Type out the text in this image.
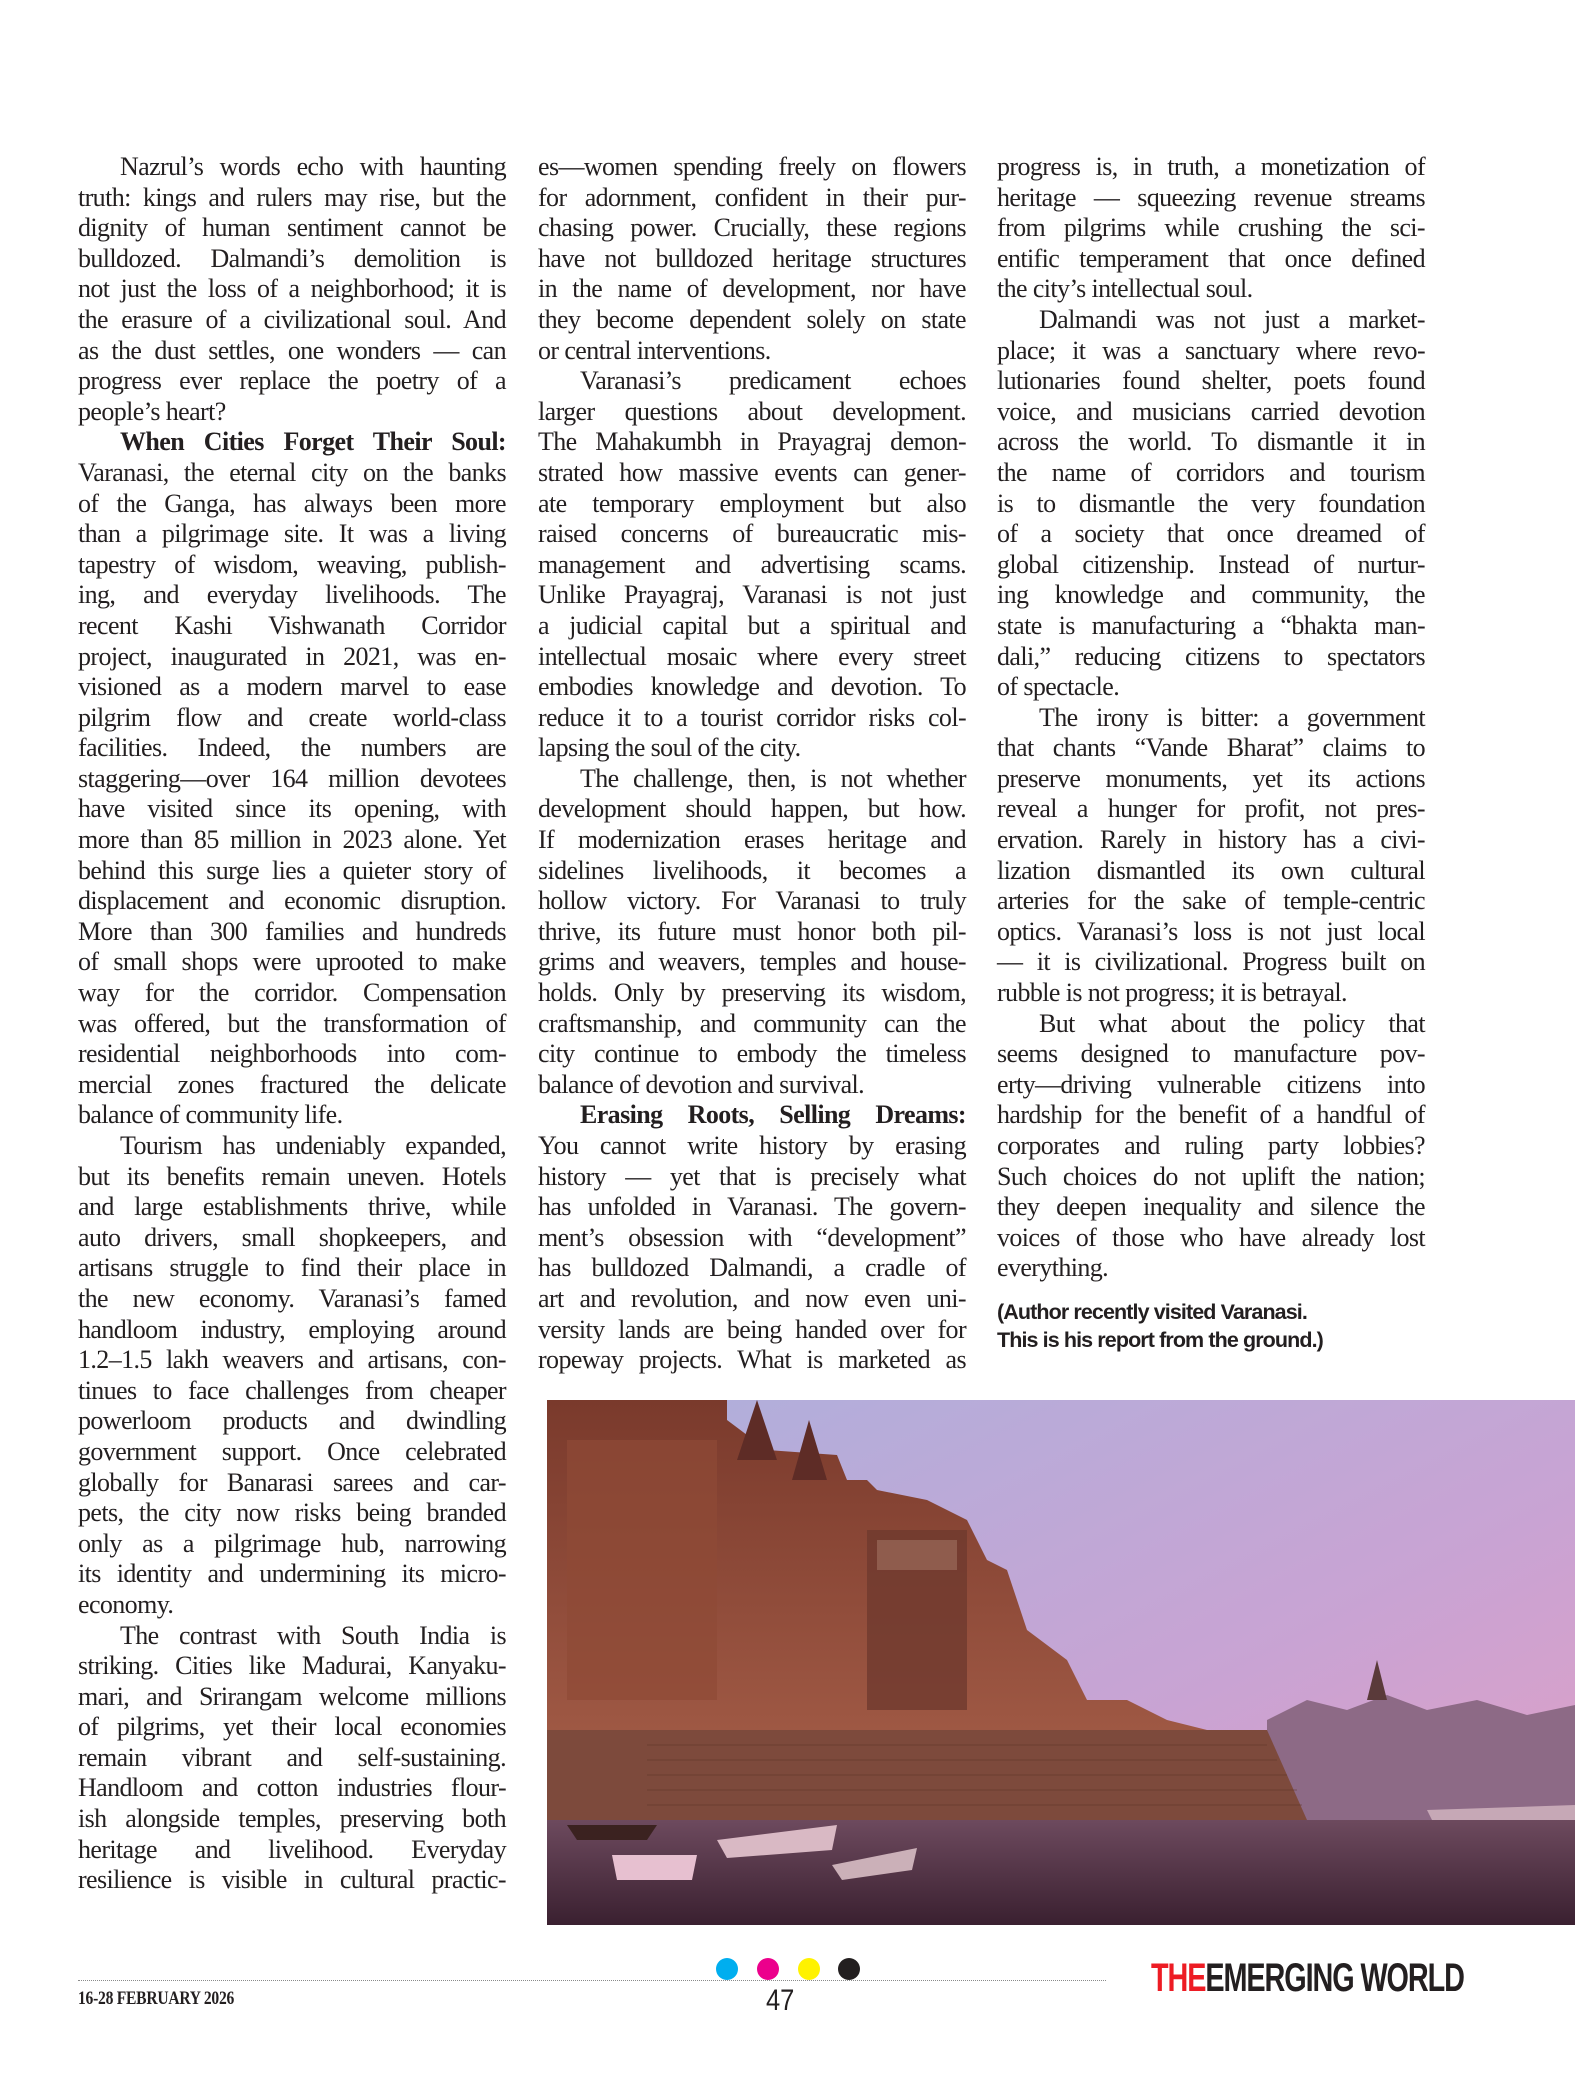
Nazrul’s words echo with haunting
truth: kings and rulers may rise, but the
dignity of human sentiment cannot be
bulldozed. Dalmandi’s demolition is
not just the loss of a neighborhood; it is
the erasure of a civilizational soul. And
as the dust settles, one wonders — can
progress ever replace the poetry of a
people’s heart?
When Cities Forget Their Soul:
Varanasi, the eternal city on the banks
of the Ganga, has always been more
than a pilgrimage site. It was a living
tapestry of wisdom, weaving, publish-
ing, and everyday livelihoods. The
recent Kashi Vishwanath Corridor
project, inaugurated in 2021, was en-
visioned as a modern marvel to ease
pilgrim flow and create world-class
facilities. Indeed, the numbers are
staggering—over 164 million devotees
have visited since its opening, with
more than 85 million in 2023 alone. Yet
behind this surge lies a quieter story of
displacement and economic disruption.
More than 300 families and hundreds
of small shops were uprooted to make
way for the corridor. Compensation
was offered, but the transformation of
residential neighborhoods into com-
mercial zones fractured the delicate
balance of community life.
Tourism has undeniably expanded,
but its benefits remain uneven. Hotels
and large establishments thrive, while
auto drivers, small shopkeepers, and
artisans struggle to find their place in
the new economy. Varanasi’s famed
handloom industry, employing around
1.2–1.5 lakh weavers and artisans, con-
tinues to face challenges from cheaper
powerloom products and dwindling
government support. Once celebrated
globally for Banarasi sarees and car-
pets, the city now risks being branded
only as a pilgrimage hub, narrowing
its identity and undermining its micro-
economy.
The contrast with South India is
striking. Cities like Madurai, Kanyaku-
mari, and Srirangam welcome millions
of pilgrims, yet their local economies
remain vibrant and self-sustaining.
Handloom and cotton industries flour-
ish alongside temples, preserving both
heritage and livelihood. Everyday
resilience is visible in cultural practic-
es—women spending freely on flowers
for adornment, confident in their pur-
chasing power. Crucially, these regions
have not bulldozed heritage structures
in the name of development, nor have
they become dependent solely on state
or central interventions.
Varanasi’s predicament echoes
larger questions about development.
The Mahakumbh in Prayagraj demon-
strated how massive events can gener-
ate temporary employment but also
raised concerns of bureaucratic mis-
management and advertising scams.
Unlike Prayagraj, Varanasi is not just
a judicial capital but a spiritual and
intellectual mosaic where every street
embodies knowledge and devotion. To
reduce it to a tourist corridor risks col-
lapsing the soul of the city.
The challenge, then, is not whether
development should happen, but how.
If modernization erases heritage and
sidelines livelihoods, it becomes a
hollow victory. For Varanasi to truly
thrive, its future must honor both pil-
grims and weavers, temples and house-
holds. Only by preserving its wisdom,
craftsmanship, and community can the
city continue to embody the timeless
balance of devotion and survival.
Erasing Roots, Selling Dreams:
You cannot write history by erasing
history — yet that is precisely what
has unfolded in Varanasi. The govern-
ment’s obsession with “development”
has bulldozed Dalmandi, a cradle of
art and revolution, and now even uni-
versity lands are being handed over for
ropeway projects. What is marketed as
progress is, in truth, a monetization of
heritage — squeezing revenue streams
from pilgrims while crushing the sci-
entific temperament that once defined
the city’s intellectual soul.
Dalmandi was not just a market-
place; it was a sanctuary where revo-
lutionaries found shelter, poets found
voice, and musicians carried devotion
across the world. To dismantle it in
the name of corridors and tourism
is to dismantle the very foundation
of a society that once dreamed of
global citizenship. Instead of nurtur-
ing knowledge and community, the
state is manufacturing a “bhakta man-
dali,” reducing citizens to spectators
of spectacle.
The irony is bitter: a government
that chants “Vande Bharat” claims to
preserve monuments, yet its actions
reveal a hunger for profit, not pres-
ervation. Rarely in history has a civi-
lization dismantled its own cultural
arteries for the sake of temple-centric
optics. Varanasi’s loss is not just local
— it is civilizational. Progress built on
rubble is not progress; it is betrayal.
But what about the policy that
seems designed to manufacture pov-
erty—driving vulnerable citizens into
hardship for the benefit of a handful of
corporates and ruling party lobbies?
Such choices do not uplift the nation;
they deepen inequality and silence the
voices of those who have already lost
everything.
(Author recently visited Varanasi.
This is his report from the ground.)
16-28 FEBRUARY 2026	47
THEEMERGING WORLD
